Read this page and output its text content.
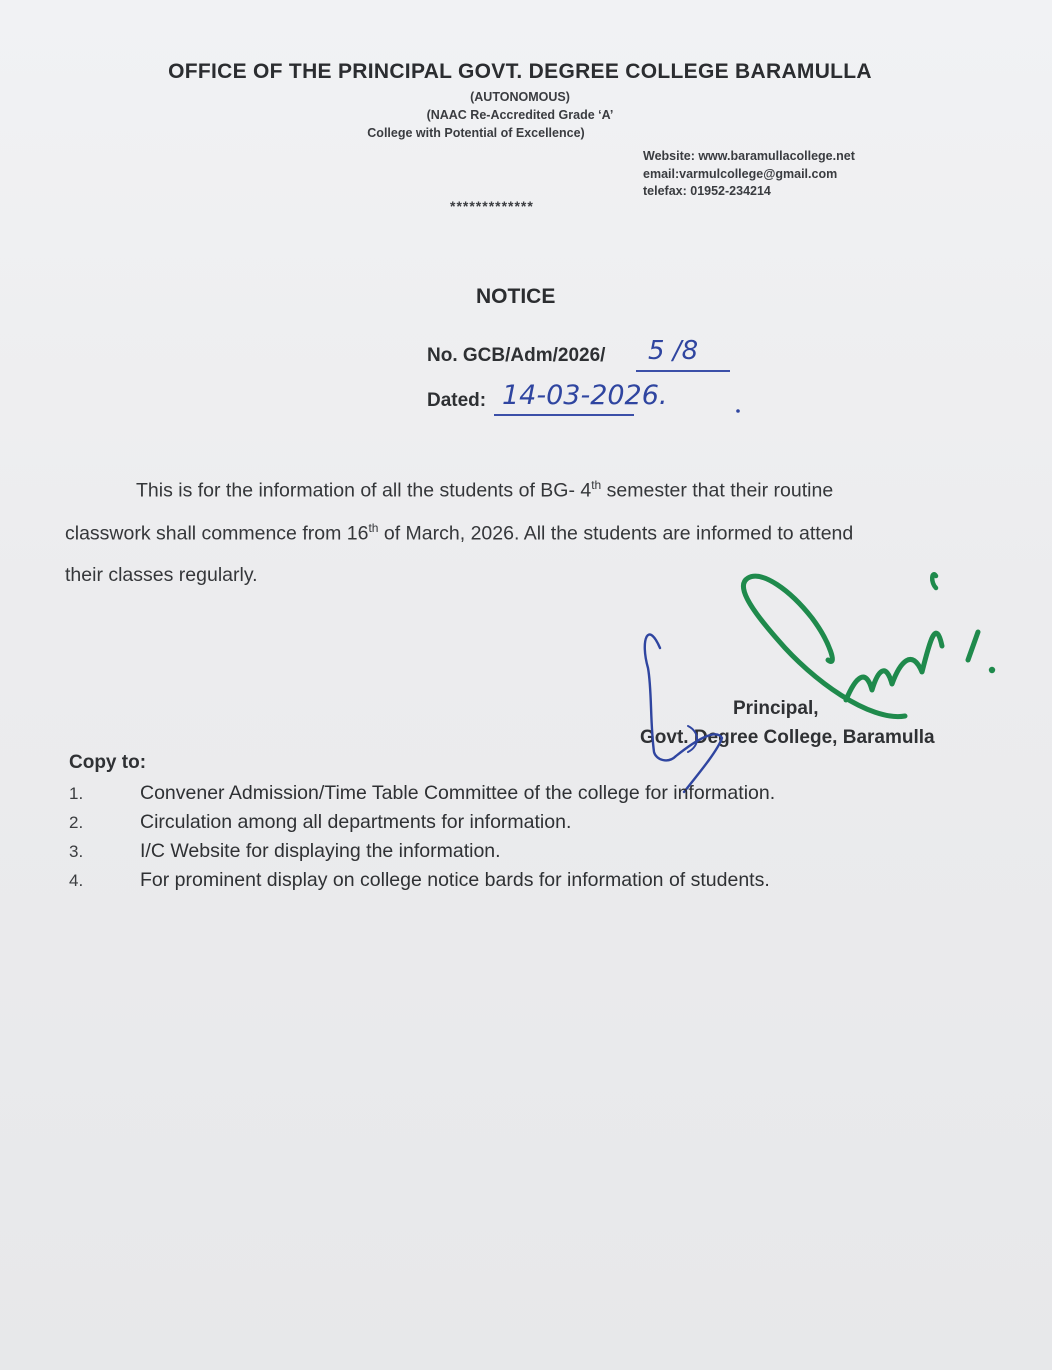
OFFICE OF THE PRINCIPAL GOVT. DEGREE COLLEGE BARAMULLA
(AUTONOMOUS)
(NAAC Re-Accredited Grade ‘A’
College with Potential of Excellence)
Website: www.baramullacollege.net
email:varmulcollege@gmail.com
telefax: 01952-234214
*************
NOTICE
No. GCB/Adm/2026/ 5 /8
Dated: 14-03-2026.
This is for the information of all the students of BG- 4th semester that their routine
classwork shall commence from 16th of March, 2026. All the students are informed to attend
their classes regularly.
Principal,
Govt. Degree College, Baramulla
Copy to:
1.	Convener Admission/Time Table Committee of the college for information.
2.	Circulation among all departments for information.
3.	I/C Website for displaying the information.
4.	For prominent display on college notice bards for information of students.
